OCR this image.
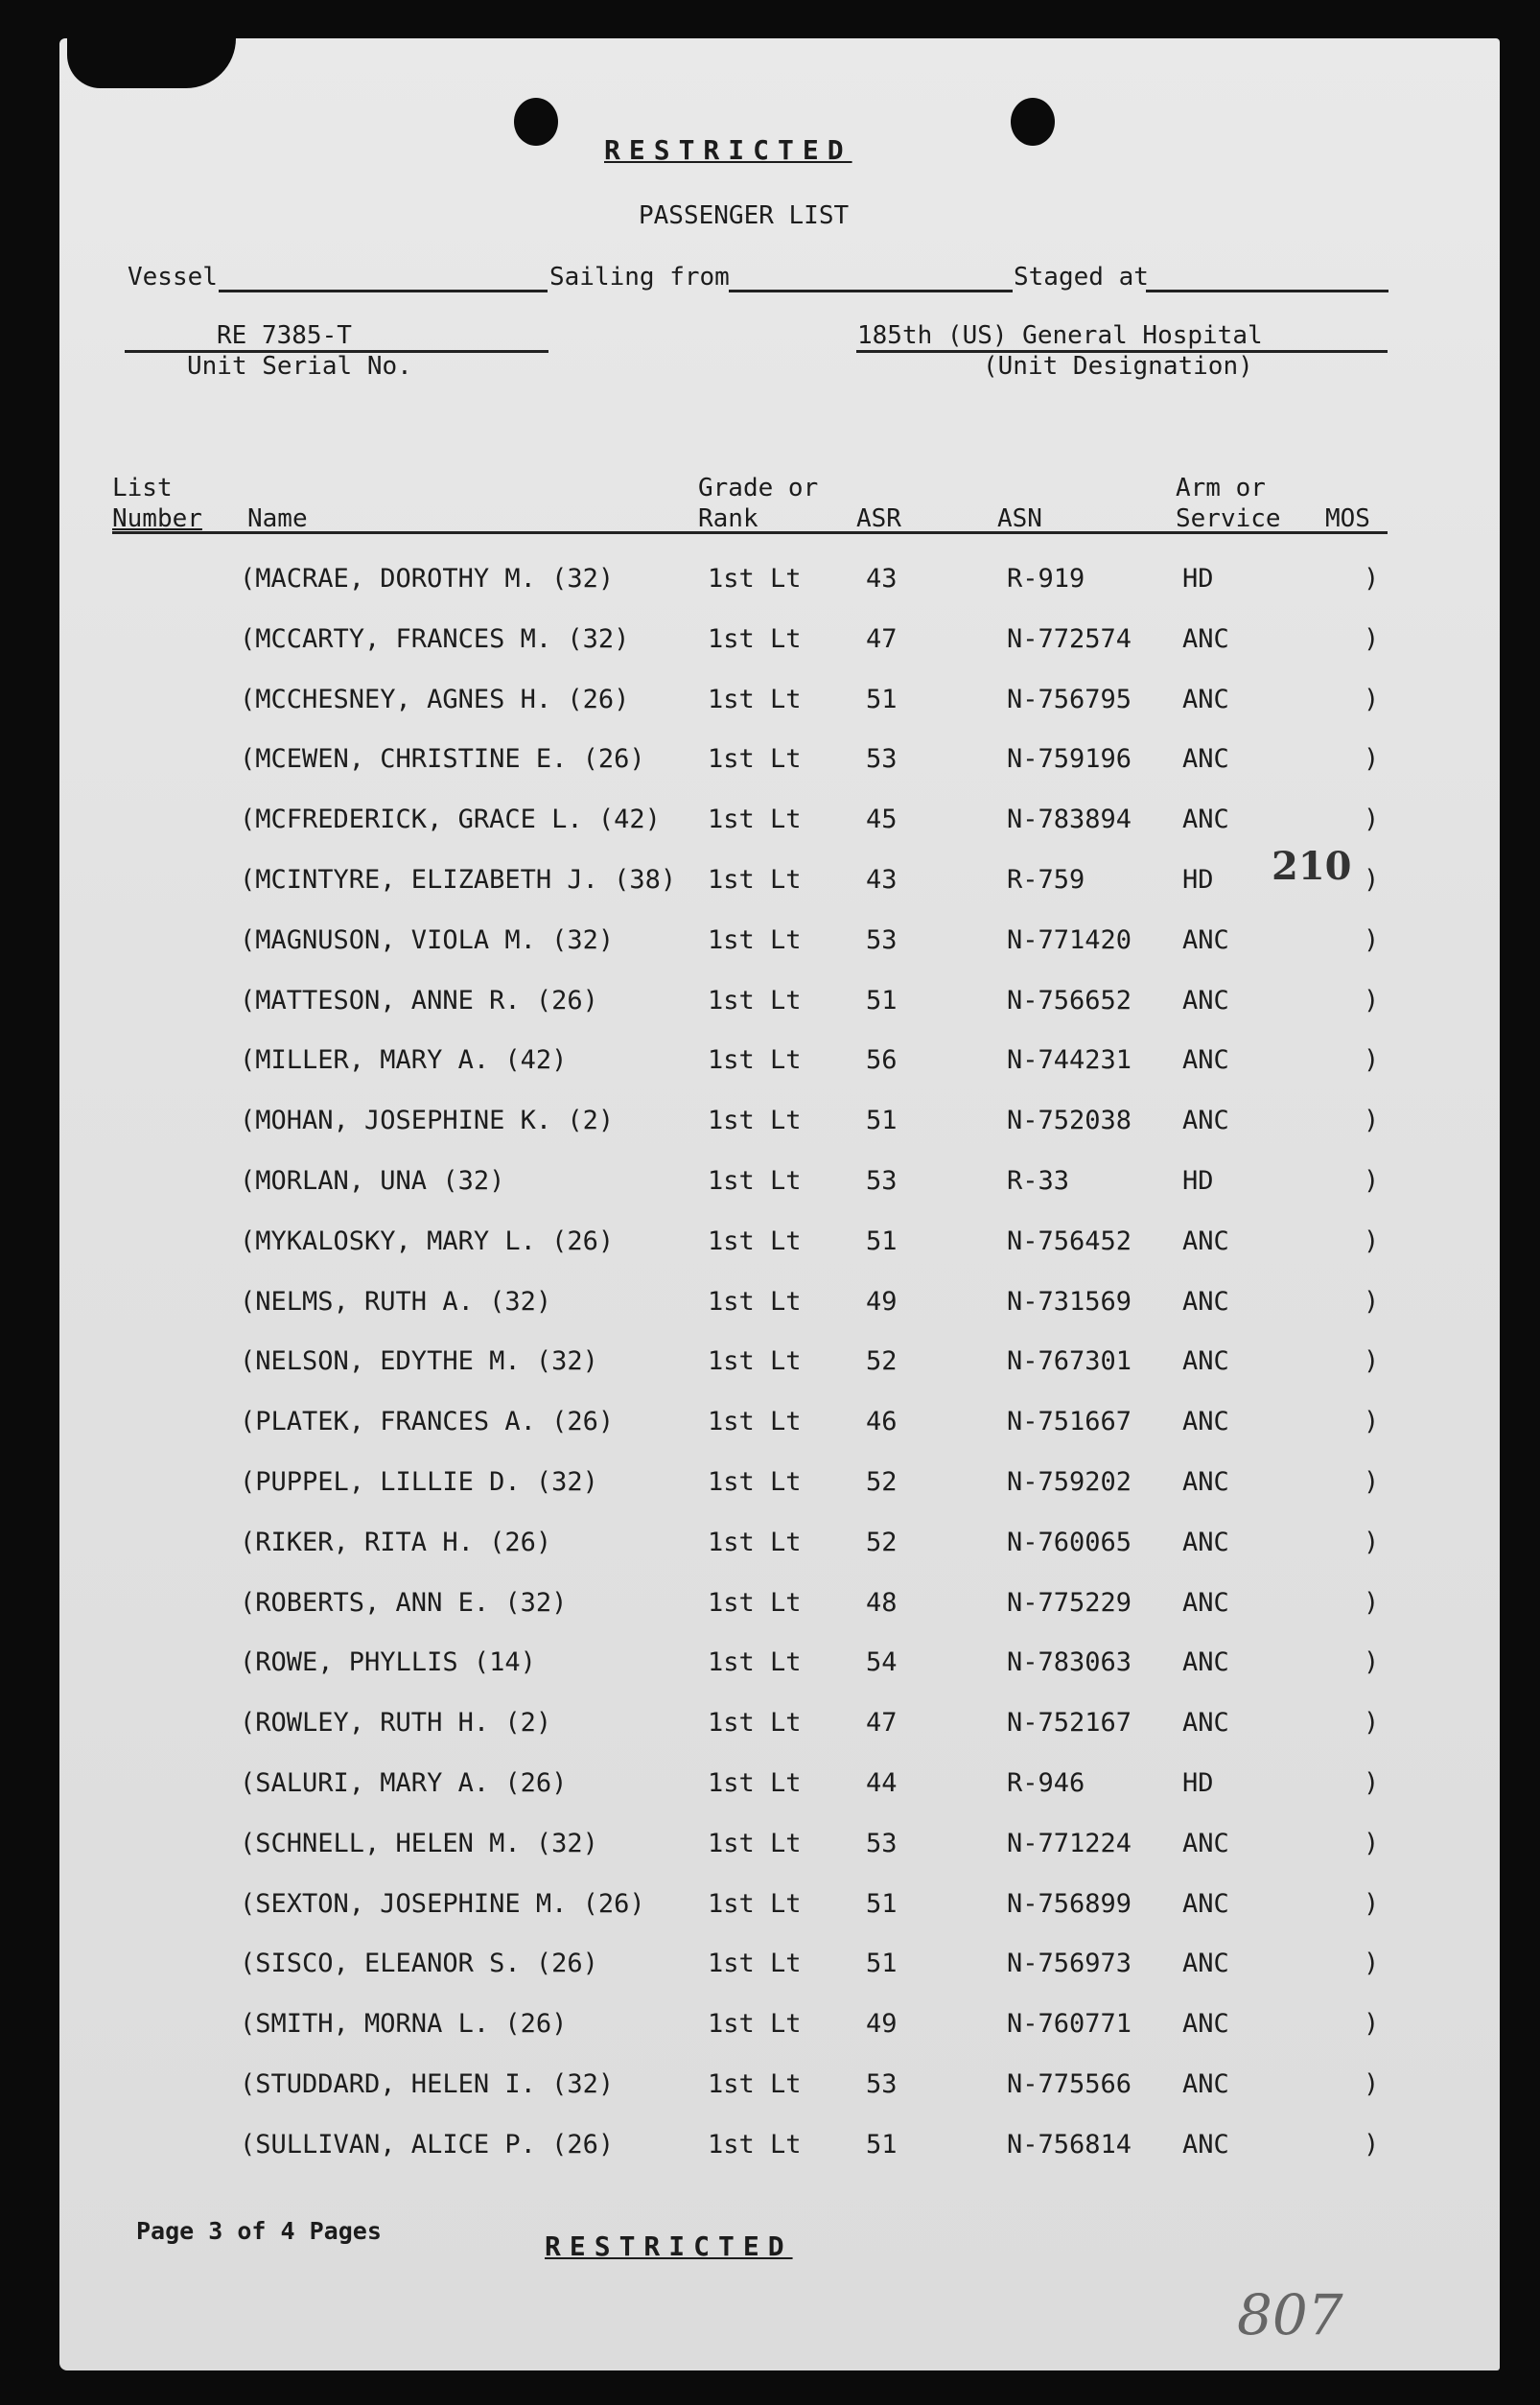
RESTRICTED
PASSENGER LIST
Vessel	Sailing from	Staged at
RE 7385-T
Unit Serial No.
185th (US) General Hospital
(Unit Designation)
List
Number Name
Grade or
Rank	ASR	ASN
Arm or
Service MOS
(MACRAE, DOROTHY M. (32)	1st Lt 43	R-919	HD	)
(MCCARTY, FRANCES M. (32)	1st Lt 47	N-772574 ANC	)
(MCCHESNEY, AGNES H. (26)	1st Lt 51	N-756795 ANC	)
(MCEWEN, CHRISTINE E. (26) 1st Lt 53	N-759196 ANC	)
(MCFREDERICK, GRACE L. (42) 1st Lt 45	N-783894 ANC	)
(MCINTYRE, ELIZABETH J. (38) 1st Lt 43	R-759	HD	)
(MAGNUSON, VIOLA M. (32)	1st Lt 53	N-771420 ANC	)
(MATTESON, ANNE R. (26)	1st Lt 51	N-756652 ANC	)
(MILLER, MARY A. (42)	1st Lt 56	N-744231 ANC	)
(MOHAN, JOSEPHINE K. (2)	1st Lt 51	N-752038 ANC	)
(MORLAN, UNA (32)	1st Lt 53	R-33	HD	)
(MYKALOSKY, MARY L. (26)	1st Lt 51	N-756452 ANC	)
(NELMS, RUTH A. (32)	1st Lt 49	N-731569 ANC	)
(NELSON, EDYTHE M. (32)	1st Lt 52	N-767301 ANC	)
(PLATEK, FRANCES A. (26)	1st Lt 46	N-751667 ANC	)
(PUPPEL, LILLIE D. (32)	1st Lt 52	N-759202 ANC	)
(RIKER, RITA H. (26)	1st Lt 52	N-760065 ANC	)
(ROBERTS, ANN E. (32)	1st Lt 48	N-775229 ANC	)
(ROWE, PHYLLIS (14)	1st Lt 54	N-783063 ANC	)
(ROWLEY, RUTH H. (2)	1st Lt 47	N-752167 ANC	)
(SALURI, MARY A. (26)	1st Lt 44	R-946	HD	)
(SCHNELL, HELEN M. (32)	1st Lt 53	N-771224 ANC	)
(SEXTON, JOSEPHINE M. (26) 1st Lt 51	N-756899 ANC	)
(SISCO, ELEANOR S. (26)	1st Lt 51	N-756973 ANC	)
(SMITH, MORNA L. (26)	1st Lt 49	N-760771 ANC	)
(STUDDARD, HELEN I. (32)	1st Lt 53	N-775566 ANC	)
(SULLIVAN, ALICE P. (26)	1st Lt 51	N-756814 ANC	)
210
Page 3 of 4 Pages	RESTRICTED
807
